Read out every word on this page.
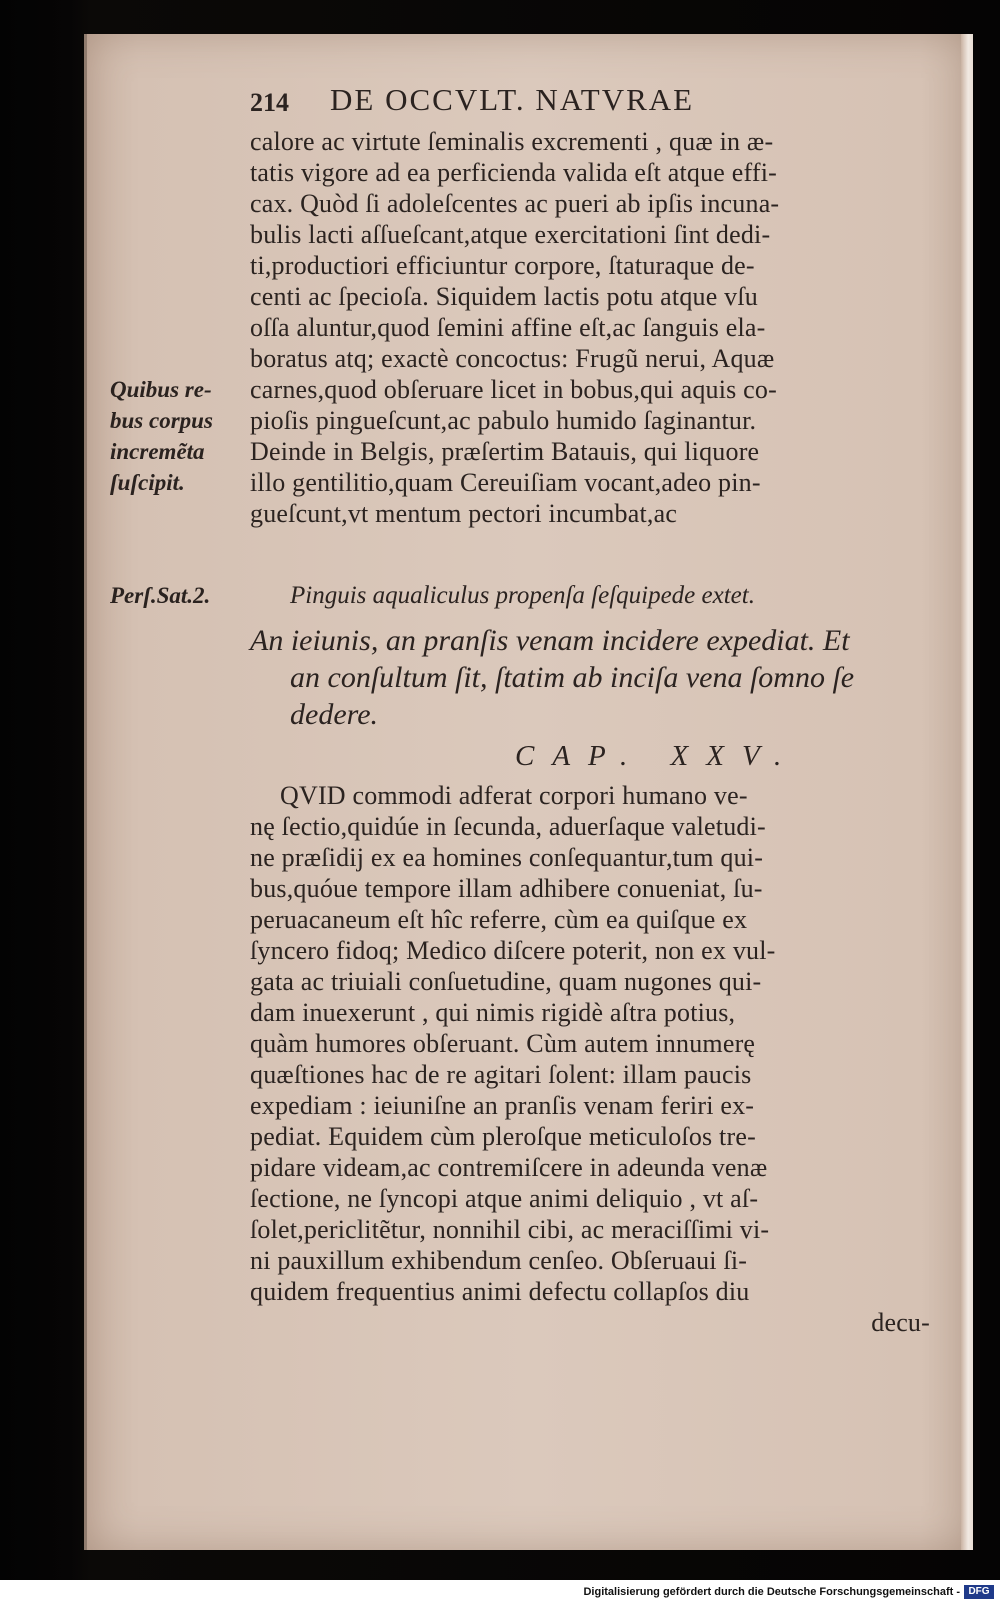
214 DE OCCVLT. NATVRAE
calore ac virtute ſeminalis excrementi , quæ in æ-
tatis vigore ad ea perficienda valida eſt atque effi-
cax. Quòd ſi adoleſcentes ac pueri ab ipſis incuna-
bulis lacti aſſueſcant,atque exercitationi ſint dedi-
ti,productiori efficiuntur corpore, ſtaturaque de-
centi ac ſpecioſa. Siquidem lactis potu atque vſu
oſſa aluntur,quod ſemini affine eſt,ac ſanguis ela-
boratus atq; exactè concoctus: Frugũ nerui, Aquæ
carnes,quod obſeruare licet in bobus,qui aquis co-
pioſis pingueſcunt,ac pabulo humido ſaginantur.
Deinde in Belgis, præſertim Batauis, qui liquore
illo gentilitio,quam Cereuiſiam vocant,adeo pin-
gueſcunt,vt mentum pectori incumbat,ac
Quibus re-
bus corpus
incremẽta
ſuſcipit.
Perſ.Sat.2.	Pinguis aqualiculus propenſa ſeſquipede extet.
An ieiunis, an pranſis venam incidere expediat. Et
an conſultum ſit, ſtatim ab inciſa vena ſomno ſe
dedere.
CAP. XXV.
QVID commodi adferat corpori humano ve-
nę ſectio,quidúe in ſecunda, aduerſaque valetudi-
ne præſidij ex ea homines conſequantur,tum qui-
bus,quóue tempore illam adhibere conueniat, ſu-
peruacaneum eſt hîc referre, cùm ea quiſque ex
ſyncero fidoq; Medico diſcere poterit, non ex vul-
gata ac triuiali conſuetudine, quam nugones qui-
dam inuexerunt , qui nimis rigidè aſtra potius,
quàm humores obſeruant. Cùm autem innumerę
quæſtiones hac de re agitari ſolent: illam paucis
expediam : ieiuniſne an pranſis venam feriri ex-
pediat. Equidem cùm pleroſque meticuloſos tre-
pidare videam,ac contremiſcere in adeunda venæ
ſectione, ne ſyncopi atque animi deliquio , vt aſ-
ſolet,periclitẽtur, nonnihil cibi, ac meraciſſimi vi-
ni pauxillum exhibendum cenſeo. Obſeruaui ſi-
quidem frequentius animi defectu collapſos diu
decu-
Digitalisierung gefördert durch die Deutsche Forschungsgemeinschaft - DFG
